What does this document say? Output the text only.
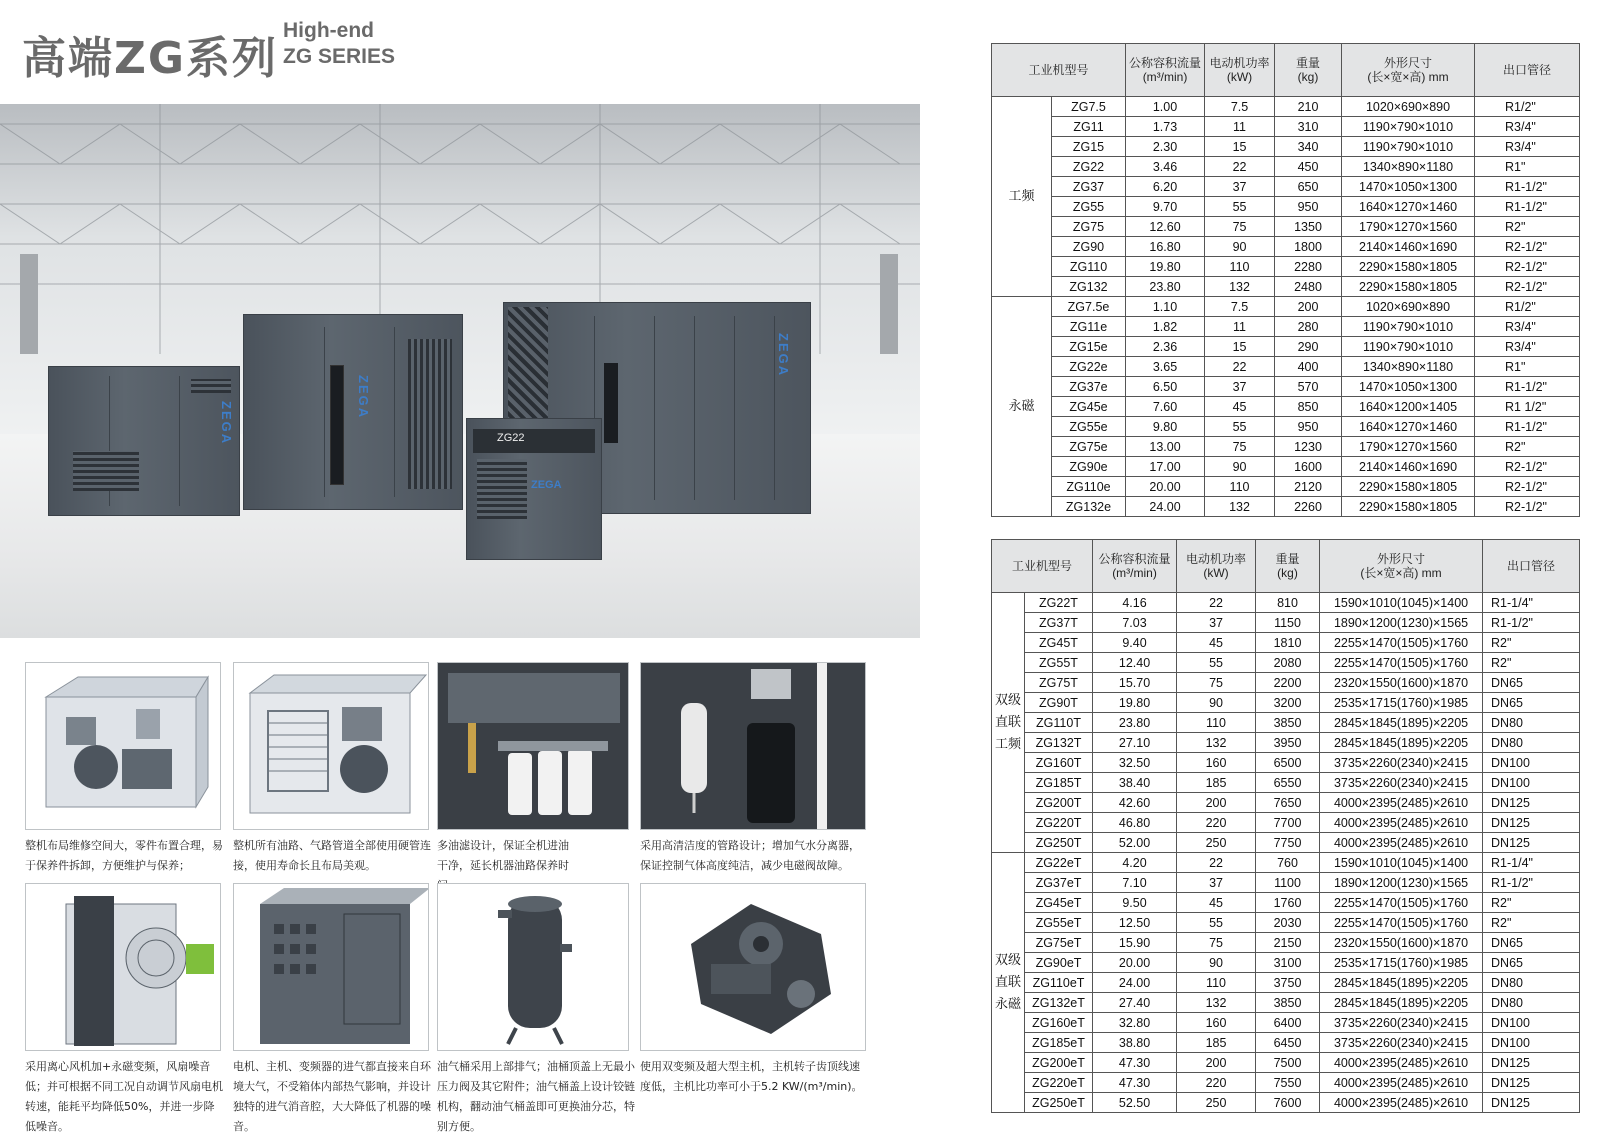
高端ZG系列
High-end
ZG SERIES
ZEGA
ZEGA
ZEGA
ZG22
ZEGA
整机布局维修空间大，零件布置合理，易于保养件拆卸，方便维护与保养；
整机所有油路、气路管道全部使用硬管连接，使用寿命长且布局美观。
多油滤设计，保证全机进油干净，延长机器油路保养时
采用高清洁度的管路设计；增加气水分离器，保证控制气体高度纯洁，减少电磁阀故障。
采用离心风机加+永磁变频，风扇噪音低；并可根据不同工况自动调节风扇电机转速，能耗平均降低50%，并进一步降低噪音。
电机、主机、变频器的进气都直接来自环境大气，不受箱体内部热气影响，并设计独特的进气消音腔，大大降低了机器的噪音。
油气桶采用上部排气；油桶顶盖上无最小压力阀及其它附件；油气桶盖上设计铰链机构，翻动油气桶盖即可更换油分芯，特别方便。
使用双变频及超大型主机，主机转子齿顶线速度低，主机比功率可小于5.2 KW/(m³/min)。
工业机型号		公称容积流量
(m³/min)	电动机功率
(kW)	重量
(kg)	外形尺寸
(长×宽×高) mm	出口管径
工频	ZG7.5	1.00	7.5	210	1020×690×890	R1/2"
	ZG11	1.73	11	310	1190×790×1010	R3/4"
	ZG15	2.30	15	340	1190×790×1010	R3/4"
	ZG22	3.46	22	450	1340×890×1180	R1"
	ZG37	6.20	37	650	1470×1050×1300	R1-1/2"
	ZG55	9.70	55	950	1640×1270×1460	R1-1/2"
	ZG75	12.60	75	1350	1790×1270×1560	R2"
	ZG90	16.80	90	1800	2140×1460×1690	R2-1/2"
	ZG110	19.80	110	2280	2290×1580×1805	R2-1/2"
	ZG132	23.80	132	2480	2290×1580×1805	R2-1/2"
永磁	ZG7.5e	1.10	7.5	200	1020×690×890	R1/2"
	ZG11e	1.82	11	280	1190×790×1010	R3/4"
	ZG15e	2.36	15	290	1190×790×1010	R3/4"
	ZG22e	3.65	22	400	1340×890×1180	R1"
	ZG37e	6.50	37	570	1470×1050×1300	R1-1/2"
	ZG45e	7.60	45	850	1640×1200×1405	R1 1/2"
	ZG55e	9.80	55	950	1640×1270×1460	R1-1/2"
	ZG75e	13.00	75	1230	1790×1270×1560	R2"
	ZG90e	17.00	90	1600	2140×1460×1690	R2-1/2"
	ZG110e	20.00	110	2120	2290×1580×1805	R2-1/2"
	ZG132e	24.00	132	2260	2290×1580×1805	R2-1/2"
工业机型号		公称容积流量
(m³/min)	电动机功率
(kW)	重量
(kg)	外形尺寸
(长×宽×高) mm	出口管径

双级
直联
工频	ZG22T	4.16	22	810	1590×1010(1045)×1400	R1-1/4"
	ZG37T	7.03	37	1150	1890×1200(1230)×1565	R1-1/2"
	ZG45T	9.40	45	1810	2255×1470(1505)×1760	R2"
	ZG55T	12.40	55	2080	2255×1470(1505)×1760	R2"
	ZG75T	15.70	75	2200	2320×1550(1600)×1870	DN65
	ZG90T	19.80	90	3200	2535×1715(1760)×1985	DN65
	ZG110T	23.80	110	3850	2845×1845(1895)×2205	DN80
	ZG132T	27.10	132	3950	2845×1845(1895)×2205	DN80
	ZG160T	32.50	160	6500	3735×2260(2340)×2415	DN100
	ZG185T	38.40	185	6550	3735×2260(2340)×2415	DN100
	ZG200T	42.60	200	7650	4000×2395(2485)×2610	DN125
	ZG220T	46.80	220	7700	4000×2395(2485)×2610	DN125
	ZG250T	52.00	250	7750	4000×2395(2485)×2610	DN125

双级
直联
永磁	ZG22eT	4.20	22	760	1590×1010(1045)×1400	R1-1/4"
	ZG37eT	7.10	37	1100	1890×1200(1230)×1565	R1-1/2"
	ZG45eT	9.50	45	1760	2255×1470(1505)×1760	R2"
	ZG55eT	12.50	55	2030	2255×1470(1505)×1760	R2"
	ZG75eT	15.90	75	2150	2320×1550(1600)×1870	DN65
	ZG90eT	20.00	90	3100	2535×1715(1760)×1985	DN65
	ZG110eT	24.00	110	3750	2845×1845(1895)×2205	DN80
	ZG132eT	27.40	132	3850	2845×1845(1895)×2205	DN80
	ZG160eT	32.80	160	6400	3735×2260(2340)×2415	DN100
	ZG185eT	38.80	185	6450	3735×2260(2340)×2415	DN100
	ZG200eT	47.30	200	7500	4000×2395(2485)×2610	DN125
	ZG220eT	47.30	220	7550	4000×2395(2485)×2610	DN125
	ZG250eT	52.50	250	7600	4000×2395(2485)×2610	DN125
